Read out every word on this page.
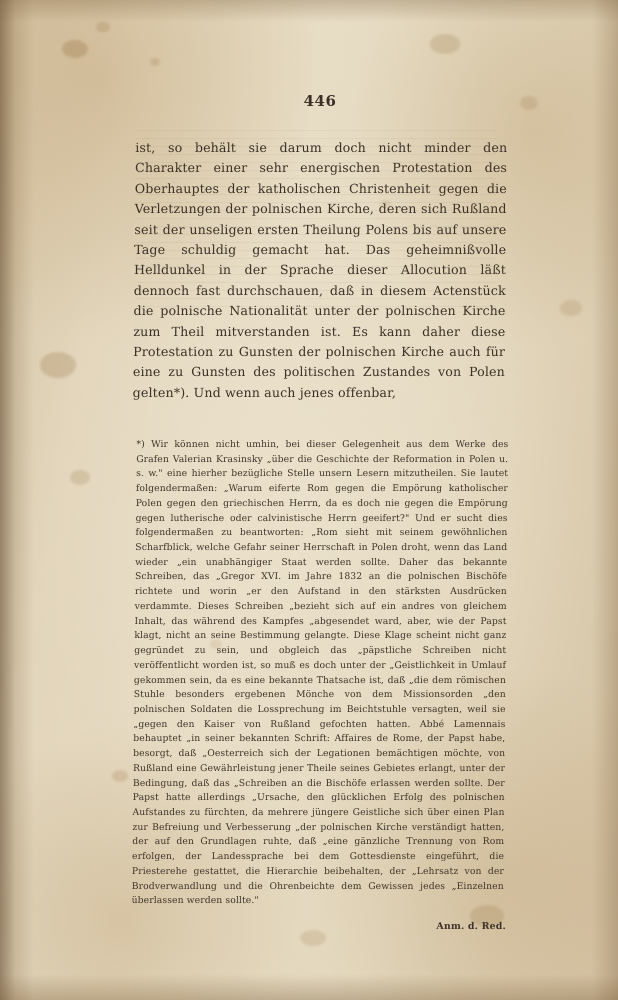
446

ist, so behält sie darum doch nicht minder den Charakter einer sehr energischen Protestation des Oberhauptes der katholischen Christenheit gegen die Verletzungen der polnischen Kirche, deren sich Rußland seit der unseligen ersten Theilung Polens bis auf unsere Tage schuldig gemacht hat. Das geheimnißvolle Helldunkel in der Sprache dieser Allocution läßt dennoch fast durchschauen, daß in diesem Actenstück die polnische Nationalität unter der polnischen Kirche zum Theil mitverstanden ist. Es kann daher diese Protestation zu Gunsten der polnischen Kirche auch für eine zu Gunsten des politischen Zustandes von Polen gelten*). Und wenn auch jenes offenbar,

*) Wir können nicht umhin, bei dieser Gelegenheit aus dem Werke des Grafen Valerian Krasinsky „über die Geschichte der Reformation in Polen u. s. w." eine hierher bezügliche Stelle unsern Lesern mitzutheilen. Sie lautet folgendermaßen: „Warum eiferte Rom gegen die Empörung katholischer Polen gegen den griechischen Herrn, da es doch nie gegen die Empörung gegen lutherische oder calvinistische Herrn geeifert?" Und er sucht dies folgendermaßen zu beantworten: „Rom sieht mit seinem gewöhnlichen Scharfblick, welche Gefahr seiner Herrschaft in Polen droht, wenn das Land wieder „ein unabhängiger Staat werden sollte. Daher das bekannte Schreiben, das „Gregor XVI. im Jahre 1832 an die polnischen Bischöfe richtete und worin „er den Aufstand in den stärksten Ausdrücken verdammte. Dieses Schreiben „bezieht sich auf ein andres von gleichem Inhalt, das während des Kampfes „abgesendet ward, aber, wie der Papst klagt, nicht an seine Bestimmung gelangte. Diese Klage scheint nicht ganz gegründet zu sein, und obgleich das „päpstliche Schreiben nicht veröffentlicht worden ist, so muß es doch unter der „Geistlichkeit in Umlauf gekommen sein, da es eine bekannte Thatsache ist, daß „die dem römischen Stuhle besonders ergebenen Mönche von dem Missionsorden „den polnischen Soldaten die Lossprechung im Beichtstuhle versagten, weil sie „gegen den Kaiser von Rußland gefochten hatten. Abbé Lamennais behauptet „in seiner bekannten Schrift: Affaires de Rome, der Papst habe, besorgt, daß „Oesterreich sich der Legationen bemächtigen möchte, von Rußland eine Gewährleistung jener Theile seines Gebietes erlangt, unter der Bedingung, daß das „Schreiben an die Bischöfe erlassen werden sollte. Der Papst hatte allerdings „Ursache, den glücklichen Erfolg des polnischen Aufstandes zu fürchten, da mehrere jüngere Geistliche sich über einen Plan zur Befreiung und Verbesserung „der polnischen Kirche verständigt hatten, der auf den Grundlagen ruhte, daß „eine gänzliche Trennung von Rom erfolgen, der Landessprache bei dem Gottesdienste eingeführt, die Priesterehe gestattet, die Hierarchie beibehalten, der „Lehrsatz von der Brodverwandlung und die Ohrenbeichte dem Gewissen jedes „Einzelnen überlassen werden sollte."

Anm. d. Red.
